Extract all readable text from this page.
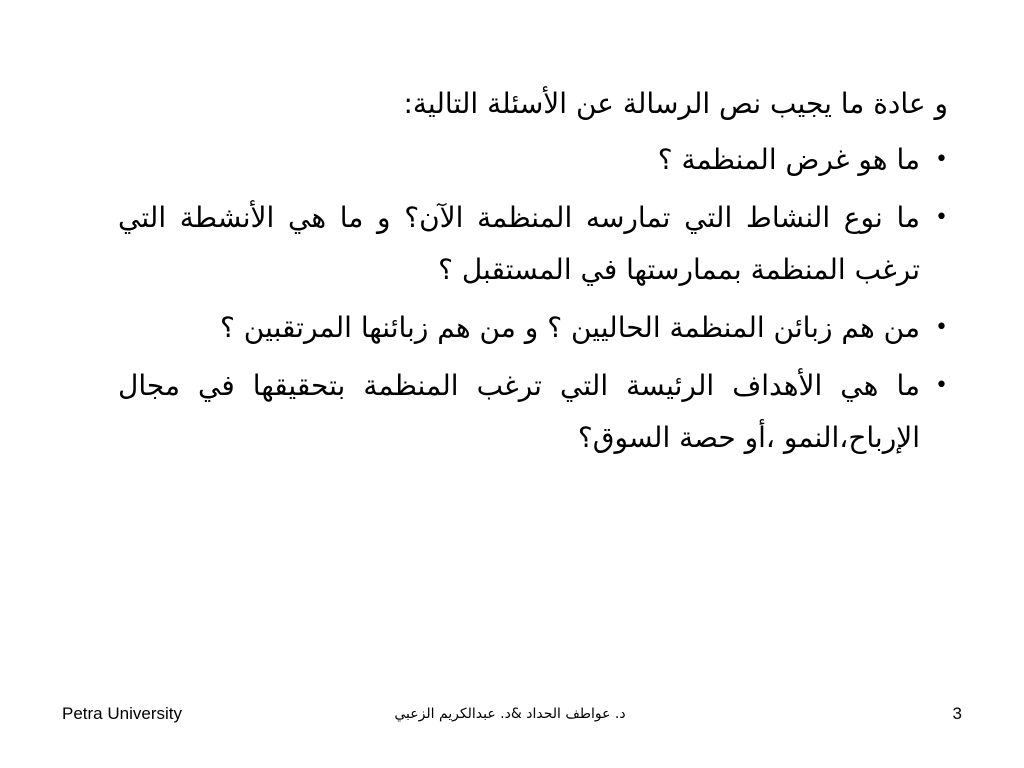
و عادة ما يجيب نص الرسالة عن الأسئلة التالية:

•
ما هو غرض المنظمة ؟
•
ما نوع النشاط التي تمارسه المنظمة الآن؟ و ما هي الأنشطة التي ترغب المنظمة بممارستها في المستقبل ؟
•
من هم زبائن المنظمة الحاليين ؟ و من هم زبائنها المرتقبين ؟
•
ما هي الأهداف الرئيسة التي ترغب المنظمة بتحقيقها في مجال الإرباح،النمو ،أو حصة السوق؟
Petra University	د. عواطف الحداد &د. عبدالكريم الزعبي	3
